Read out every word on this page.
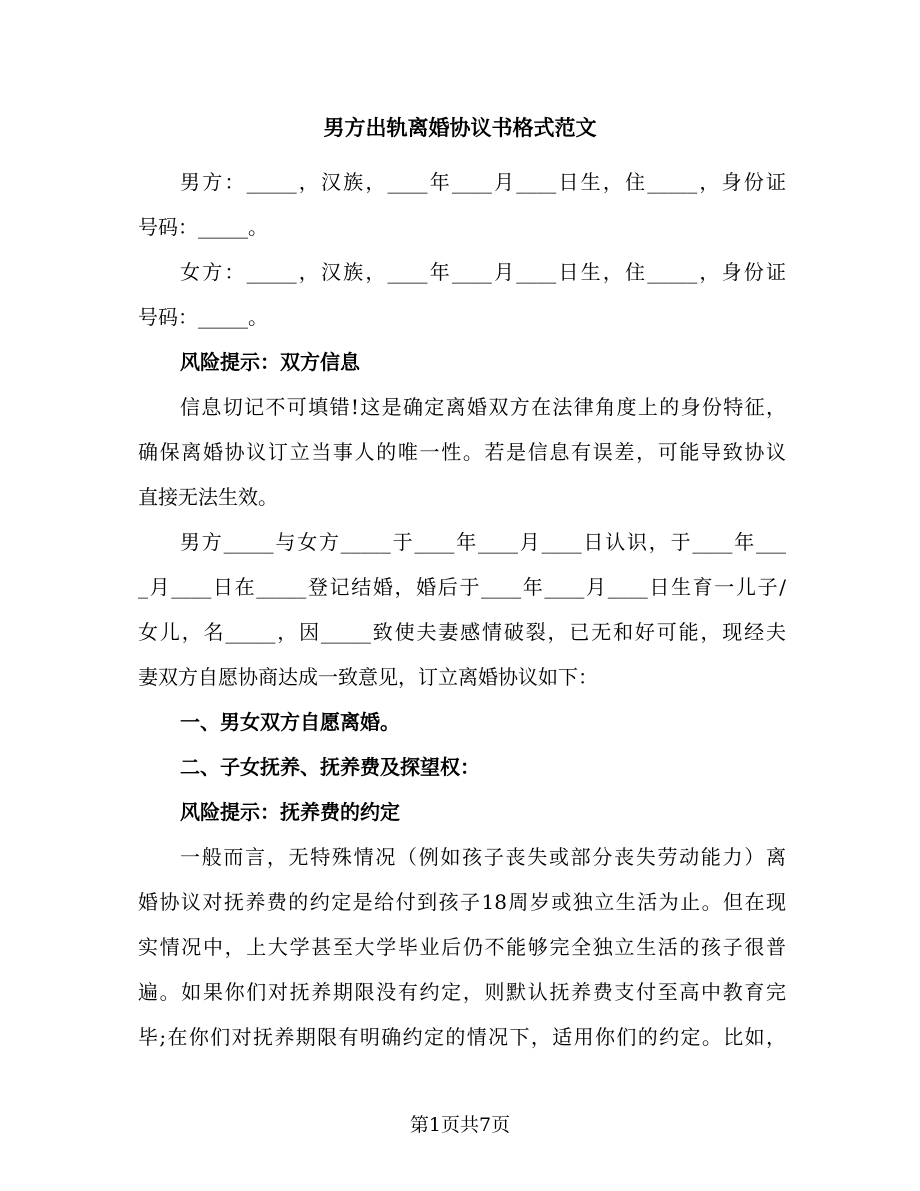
男方出轨离婚协议书格式范文
男方：_____，汉族，____年____月____日生，住_____，身份证
号码：_____。
女方：_____，汉族，____年____月____日生，住_____，身份证
号码：_____。
风险提示：双方信息
信息切记不可填错!这是确定离婚双方在法律角度上的身份特征，
确保离婚协议订立当事人的唯一性。若是信息有误差，可能导致协议
直接无法生效。
男方_____与女方_____于____年____月____日认识，于____年___
_月____日在_____登记结婚，婚后于____年____月____日生育一儿子/
女儿，名_____，因_____致使夫妻感情破裂，已无和好可能，现经夫
妻双方自愿协商达成一致意见，订立离婚协议如下：
一、男女双方自愿离婚。
二、子女抚养、抚养费及探望权：
风险提示：抚养费的约定
一般而言，无特殊情况（例如孩子丧失或部分丧失劳动能力）离
婚协议对抚养费的约定是给付到孩子18周岁或独立生活为止。但在现
实情况中，上大学甚至大学毕业后仍不能够完全独立生活的孩子很普
遍。如果你们对抚养期限没有约定，则默认抚养费支付至高中教育完
毕;在你们对抚养期限有明确约定的情况下，适用你们的约定。比如，
第1页共7页
